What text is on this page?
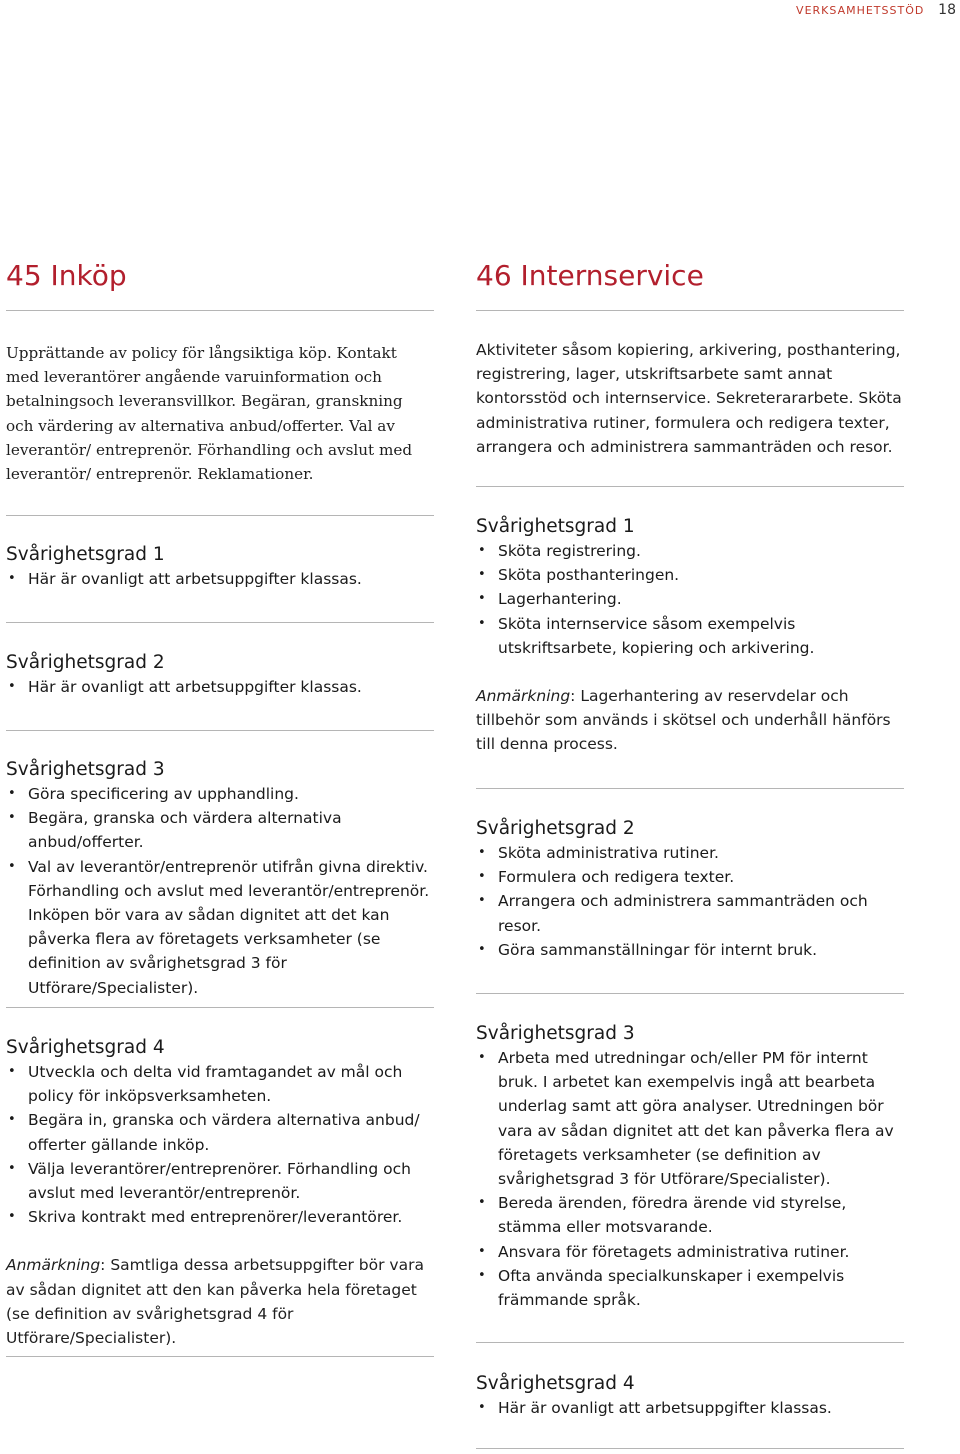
VERKSAMHETSSTÖD 18
45 Inköp

Upprättande av policy för långsiktiga köp. Kontakt med leverantörer angående varuinformation och betalningsoch leveransvillkor. Begäran, granskning och värdering av alternativa anbud/offerter. Val av leverantör/ entreprenör. Förhandling och avslut med leverantör/ entreprenör. Reklamationer.

Svårighetsgrad 1
• Här är ovanligt att arbetsuppgifter klassas.
Svårighetsgrad 2
• Här är ovanligt att arbetsuppgifter klassas.
Svårighetsgrad 3
• Göra specificering av upphandling.
• Begära, granska och värdera alternativa anbud/offerter.
• Val av leverantör/entreprenör utifrån givna direktiv.

Förhandling och avslut med leverantör/entreprenör. Inköpen bör vara av sådan dignitet att det kan påverka flera av företagets verksamheter (se definition av svårighetsgrad 3 för Utförare/Specialister).

Svårighetsgrad 4
• Utveckla och delta vid framtagandet av mål och policy för inköpsverksamheten.
• Begära in, granska och värdera alternativa anbud/ offerter gällande inköp.
• Välja leverantörer/entreprenörer. Förhandling och avslut med leverantör/entreprenör.
• Skriva kontrakt med entreprenörer/leverantörer.

Anmärkning: Samtliga dessa arbetsuppgifter bör vara av sådan dignitet att den kan påverka hela företaget (se definition av svårighetsgrad 4 för Utförare/Specialister).

46 Internservice

Aktiviteter såsom kopiering, arkivering, posthantering, registrering, lager, utskriftsarbete samt annat kontorsstöd och internservice. Sekreterararbete. Sköta administrativa rutiner, formulera och redigera texter, arrangera och administrera sammanträden och resor.

Svårighetsgrad 1
• Sköta registrering.
• Sköta posthanteringen.
• Lagerhantering.
• Sköta internservice såsom exempelvis utskriftsarbete, kopiering och arkivering.

Anmärkning: Lagerhantering av reservdelar och tillbehör som används i skötsel och underhåll hänförs till denna process.

Svårighetsgrad 2
• Sköta administrativa rutiner.
• Formulera och redigera texter.
• Arrangera och administrera sammanträden och resor.
• Göra sammanställningar för internt bruk.
Svårighetsgrad 3
• Arbeta med utredningar och/eller PM för internt bruk. I arbetet kan exempelvis ingå att bearbeta underlag samt att göra analyser. Utredningen bör vara av sådan dignitet att det kan påverka flera av företagets verksamheter (se definition av svårighetsgrad 3 för Utförare/Specialister).
• Bereda ärenden, föredra ärende vid styrelse, stämma eller motsvarande.
• Ansvara för företagets administrativa rutiner.
• Ofta använda specialkunskaper i exempelvis främmande språk.
Svårighetsgrad 4
• Här är ovanligt att arbetsuppgifter klassas.
